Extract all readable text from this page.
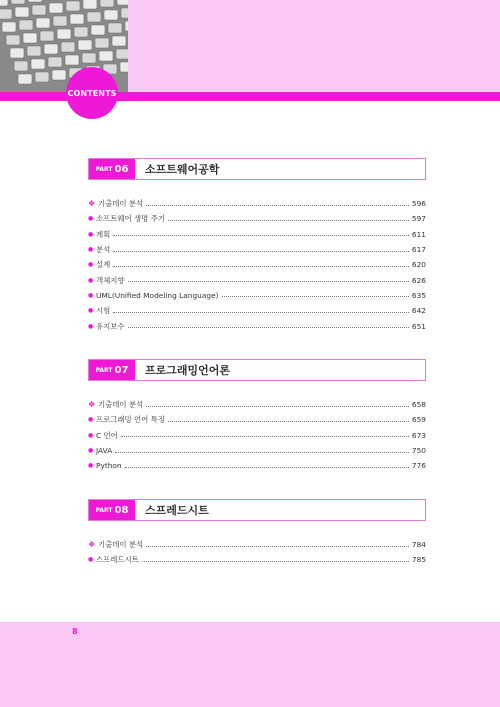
CONTENTS
PART 06	소프트웨어공학
❖ 기출데이 분석	596
● 소프트웨어 생명 주기	597
● 계획	611
● 분석	617
● 설계	620
● 객체지향	626
● UML(Unified Modeling Language)	635
● 시험	642
● 유지보수	651
PART 07	프로그래밍언어론
❖ 기출데이 분석	658
● 프로그래밍 언어 특징	659
● C 언어	673
● JAVA	750
● Python	776
PART 08	스프레드시트
❖ 기출데이 분석	784
● 스프레드시트	785
8
